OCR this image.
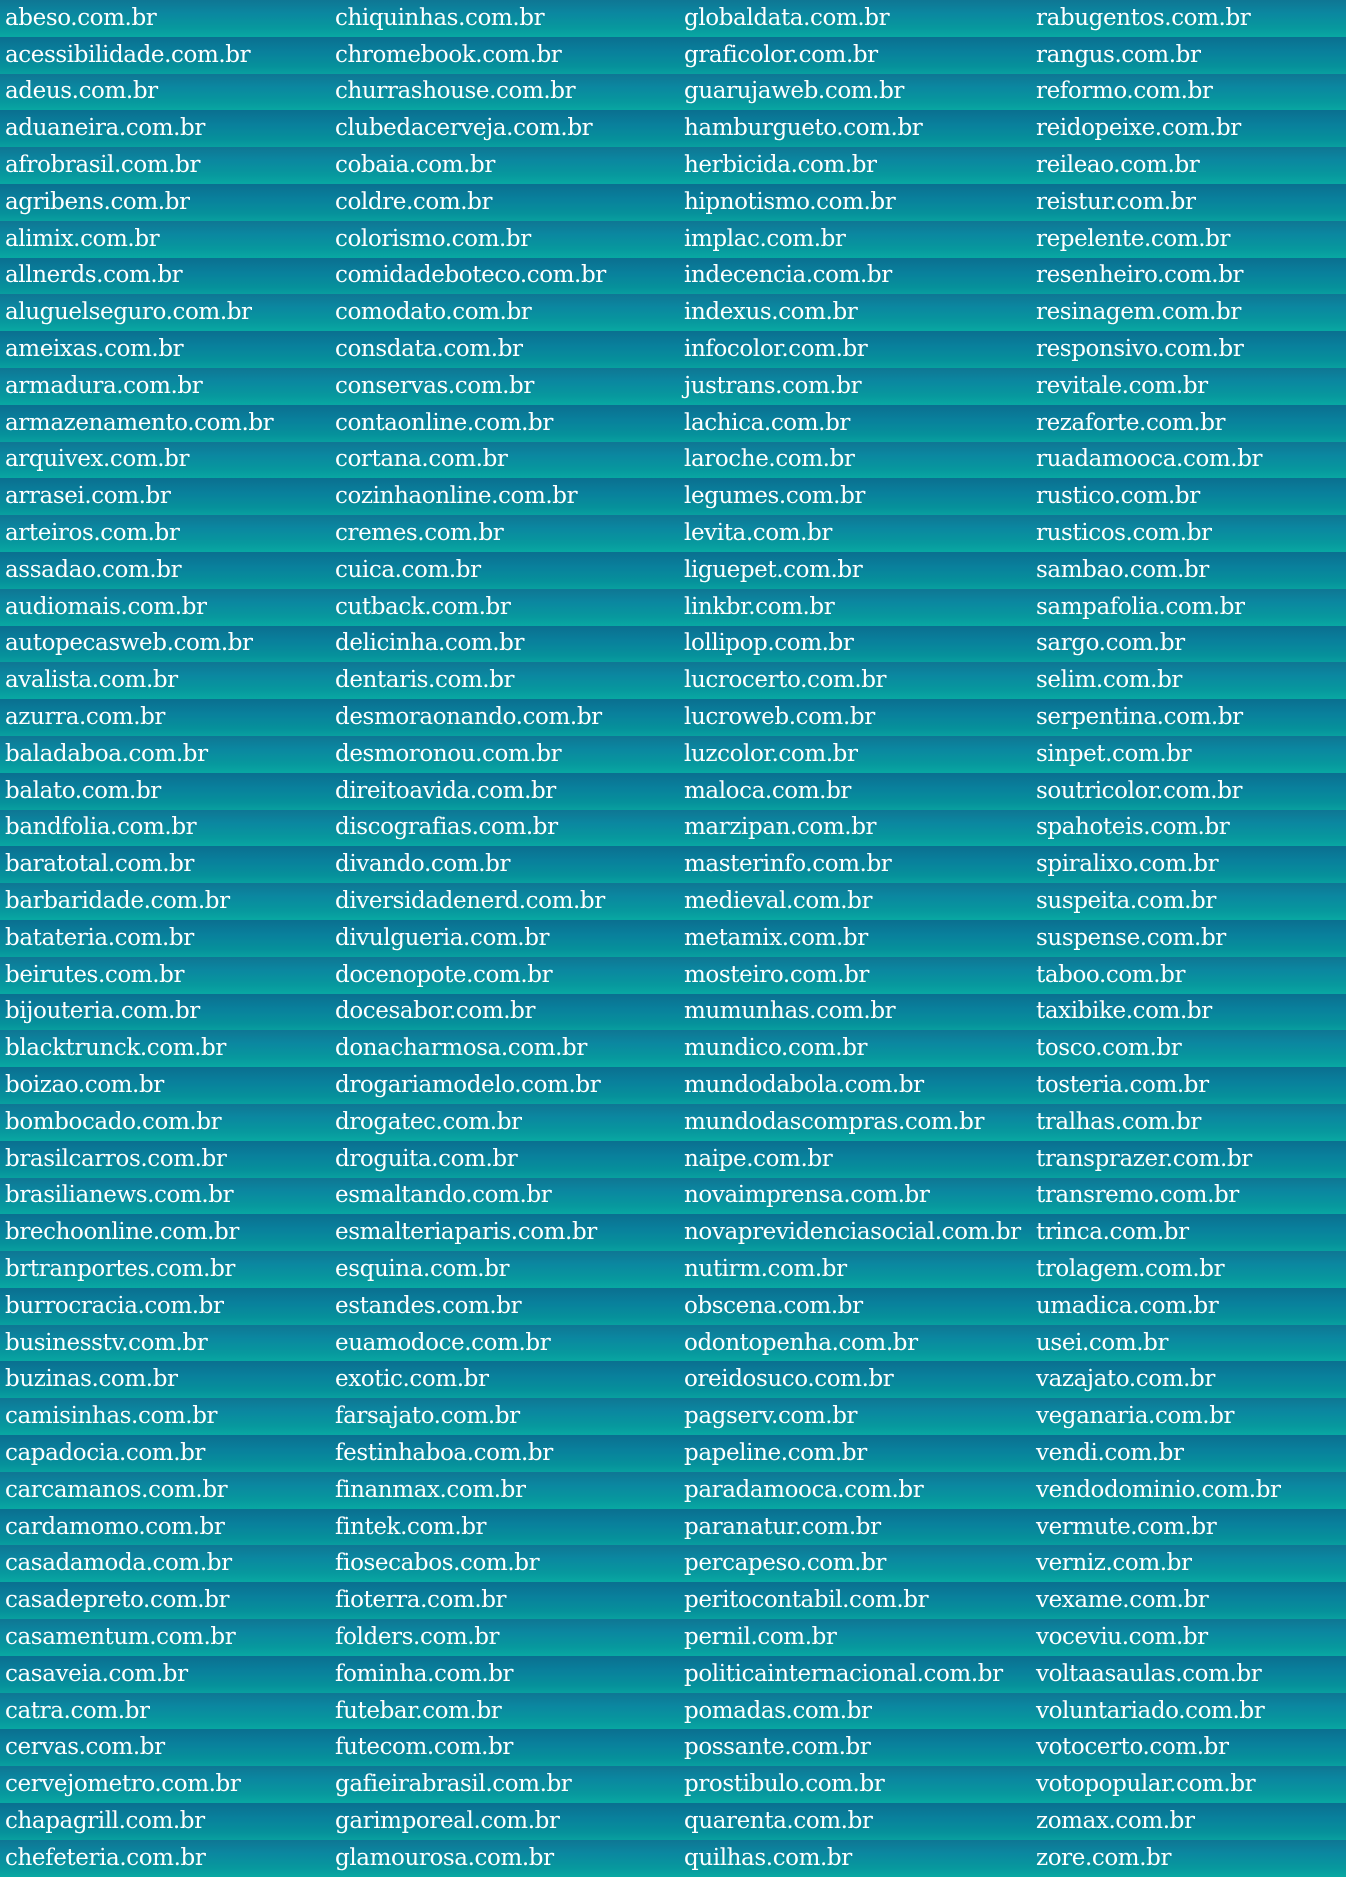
abeso.com.br	chiquinhas.com.br	globaldata.com.br	rabugentos.com.br
acessibilidade.com.br	chromebook.com.br	graficolor.com.br	rangus.com.br
adeus.com.br	churrashouse.com.br	guarujaweb.com.br	reformo.com.br
aduaneira.com.br	clubedacerveja.com.br	hamburgueto.com.br	reidopeixe.com.br
afrobrasil.com.br	cobaia.com.br	herbicida.com.br	reileao.com.br
agribens.com.br	coldre.com.br	hipnotismo.com.br	reistur.com.br
alimix.com.br	colorismo.com.br	implac.com.br	repelente.com.br
allnerds.com.br	comidadeboteco.com.br	indecencia.com.br	resenheiro.com.br
aluguelseguro.com.br	comodato.com.br	indexus.com.br	resinagem.com.br
ameixas.com.br	consdata.com.br	infocolor.com.br	responsivo.com.br
armadura.com.br	conservas.com.br	justrans.com.br	revitale.com.br
armazenamento.com.br	contaonline.com.br	lachica.com.br	rezaforte.com.br
arquivex.com.br	cortana.com.br	laroche.com.br	ruadamooca.com.br
arrasei.com.br	cozinhaonline.com.br	legumes.com.br	rustico.com.br
arteiros.com.br	cremes.com.br	levita.com.br	rusticos.com.br
assadao.com.br	cuica.com.br	liguepet.com.br	sambao.com.br
audiomais.com.br	cutback.com.br	linkbr.com.br	sampafolia.com.br
autopecasweb.com.br	delicinha.com.br	lollipop.com.br	sargo.com.br
avalista.com.br	dentaris.com.br	lucrocerto.com.br	selim.com.br
azurra.com.br	desmoraonando.com.br	lucroweb.com.br	serpentina.com.br
baladaboa.com.br	desmoronou.com.br	luzcolor.com.br	sinpet.com.br
balato.com.br	direitoavida.com.br	maloca.com.br	soutricolor.com.br
bandfolia.com.br	discografias.com.br	marzipan.com.br	spahoteis.com.br
baratotal.com.br	divando.com.br	masterinfo.com.br	spiralixo.com.br
barbaridade.com.br	diversidadenerd.com.br	medieval.com.br	suspeita.com.br
batateria.com.br	divulgueria.com.br	metamix.com.br	suspense.com.br
beirutes.com.br	docenopote.com.br	mosteiro.com.br	taboo.com.br
bijouteria.com.br	docesabor.com.br	mumunhas.com.br	taxibike.com.br
blacktrunck.com.br	donacharmosa.com.br	mundico.com.br	tosco.com.br
boizao.com.br	drogariamodelo.com.br	mundodabola.com.br	tosteria.com.br
bombocado.com.br	drogatec.com.br	mundodascompras.com.br	tralhas.com.br
brasilcarros.com.br	droguita.com.br	naipe.com.br	transprazer.com.br
brasilianews.com.br	esmaltando.com.br	novaimprensa.com.br	transremo.com.br
brechoonline.com.br	esmalteriaparis.com.br	novaprevidenciasocial.com.br	trinca.com.br
brtranportes.com.br	esquina.com.br	nutirm.com.br	trolagem.com.br
burrocracia.com.br	estandes.com.br	obscena.com.br	umadica.com.br
businesstv.com.br	euamodoce.com.br	odontopenha.com.br	usei.com.br
buzinas.com.br	exotic.com.br	oreidosuco.com.br	vazajato.com.br
camisinhas.com.br	farsajato.com.br	pagserv.com.br	veganaria.com.br
capadocia.com.br	festinhaboa.com.br	papeline.com.br	vendi.com.br
carcamanos.com.br	finanmax.com.br	paradamooca.com.br	vendodominio.com.br
cardamomo.com.br	fintek.com.br	paranatur.com.br	vermute.com.br
casadamoda.com.br	fiosecabos.com.br	percapeso.com.br	verniz.com.br
casadepreto.com.br	fioterra.com.br	peritocontabil.com.br	vexame.com.br
casamentum.com.br	folders.com.br	pernil.com.br	voceviu.com.br
casaveia.com.br	fominha.com.br	politicainternacional.com.br	voltaasaulas.com.br
catra.com.br	futebar.com.br	pomadas.com.br	voluntariado.com.br
cervas.com.br	futecom.com.br	possante.com.br	votocerto.com.br
cervejometro.com.br	gafieirabrasil.com.br	prostibulo.com.br	votopopular.com.br
chapagrill.com.br	garimporeal.com.br	quarenta.com.br	zomax.com.br
chefeteria.com.br	glamourosa.com.br	quilhas.com.br	zore.com.br
